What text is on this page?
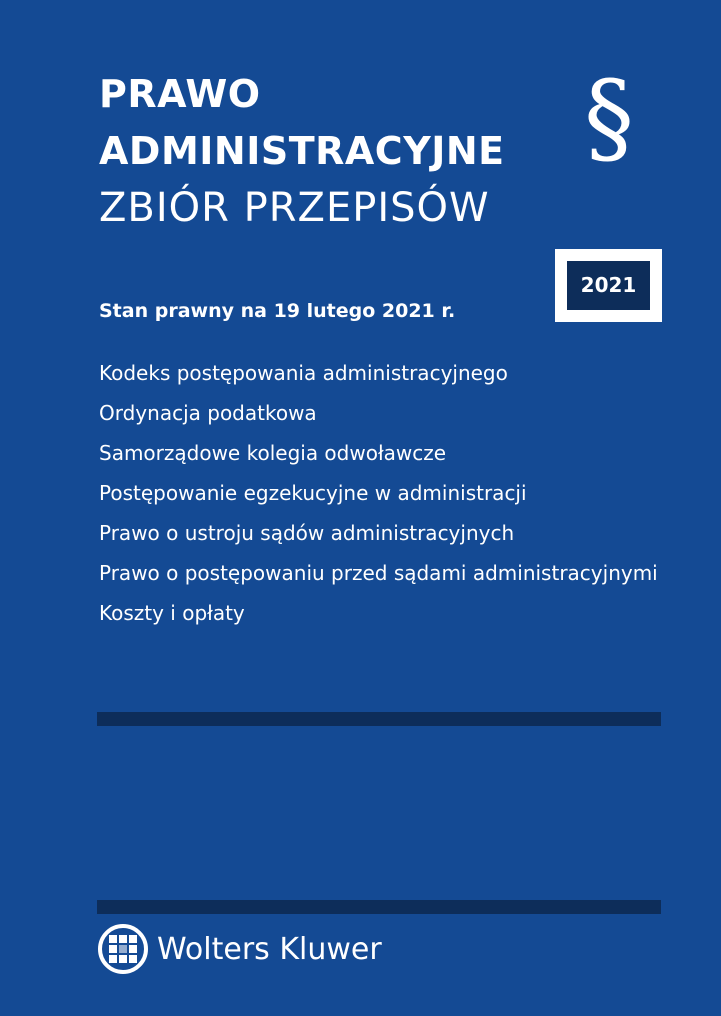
PRAWO
ADMINISTRACYJNE
ZBIÓR PRZEPISÓW
§
2021
Stan prawny na 19 lutego 2021 r.
Kodeks postępowania administracyjnego
Ordynacja podatkowa
Samorządowe kolegia odwoławcze
Postępowanie egzekucyjne w administracji
Prawo o ustroju sądów administracyjnych
Prawo o postępowaniu przed sądami administracyjnymi
Koszty i opłaty
Wolters Kluwer
